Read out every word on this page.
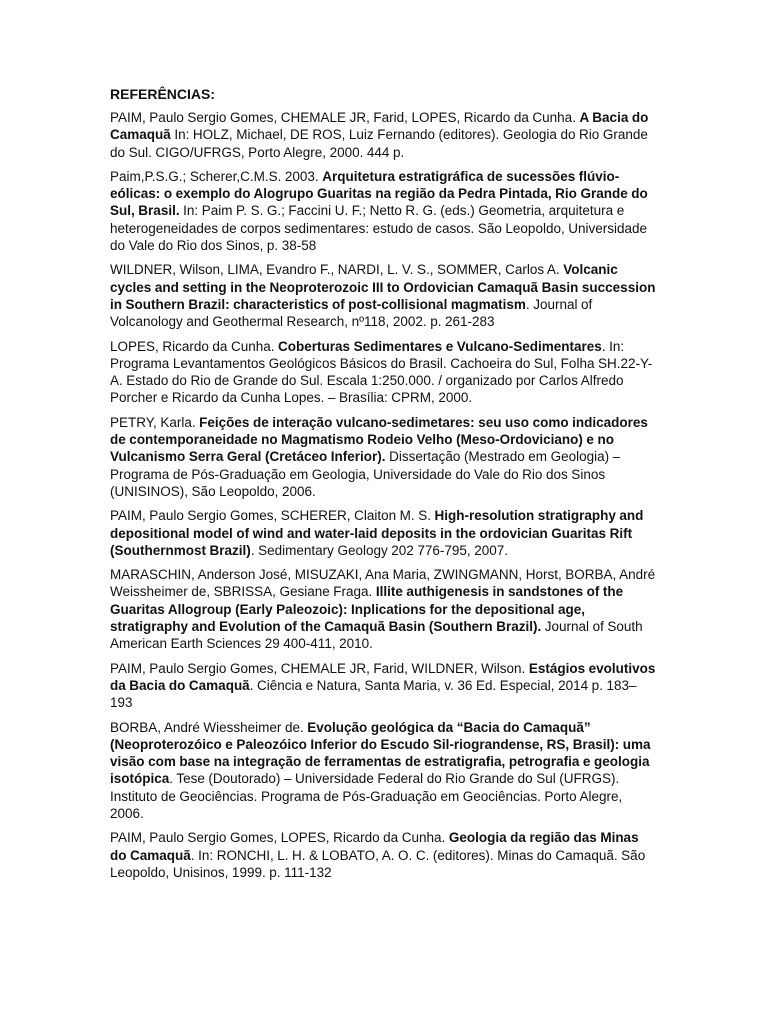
REFERÊNCIAS:
PAIM, Paulo Sergio Gomes, CHEMALE JR, Farid, LOPES, Ricardo da Cunha. A Bacia do Camaquã In: HOLZ, Michael, DE ROS, Luiz Fernando (editores). Geologia do Rio Grande do Sul. CIGO/UFRGS, Porto Alegre, 2000. 444 p.
Paim,P.S.G.; Scherer,C.M.S. 2003. Arquitetura estratigráfica de sucessões flúvio-eólicas: o exemplo do Alogrupo Guaritas na região da Pedra Pintada, Rio Grande do Sul, Brasil. In: Paim P. S. G.; Faccini U. F.; Netto R. G. (eds.) Geometria, arquitetura e heterogeneidades de corpos sedimentares: estudo de casos. São Leopoldo, Universidade do Vale do Rio dos Sinos, p. 38-58
WILDNER, Wilson, LIMA, Evandro F., NARDI, L. V. S., SOMMER, Carlos A. Volcanic cycles and setting in the Neoproterozoic III to Ordovician Camaquã Basin succession in Southern Brazil: characteristics of post-collisional magmatism. Journal of Volcanology and Geothermal Research, nº118, 2002. p. 261-283
LOPES, Ricardo da Cunha. Coberturas Sedimentares e Vulcano-Sedimentares. In: Programa Levantamentos Geológicos Básicos do Brasil. Cachoeira do Sul, Folha SH.22-Y-A. Estado do Rio de Grande do Sul. Escala 1:250.000. / organizado por Carlos Alfredo Porcher e Ricardo da Cunha Lopes. – Brasília: CPRM, 2000.
PETRY, Karla. Feições de interação vulcano-sedimetares: seu uso como indicadores de contemporaneidade no Magmatismo Rodeio Velho (Meso-Ordoviciano) e no Vulcanismo Serra Geral (Cretáceo Inferior). Dissertação (Mestrado em Geologia) – Programa de Pós-Graduação em Geologia, Universidade do Vale do Rio dos Sinos (UNISINOS), São Leopoldo, 2006.
PAIM, Paulo Sergio Gomes, SCHERER, Claiton M. S. High-resolution stratigraphy and depositional model of wind and water-laid deposits in the ordovician Guaritas Rift (Southernmost Brazil). Sedimentary Geology 202 776-795, 2007.
MARASCHIN, Anderson José, MISUZAKI, Ana Maria, ZWINGMANN, Horst, BORBA, André Weissheimer de, SBRISSA, Gesiane Fraga. Illite authigenesis in sandstones of the Guaritas Allogroup (Early Paleozoic): Inplications for the depositional age, stratigraphy and Evolution of the Camaquã Basin (Southern Brazil). Journal of South American Earth Sciences 29 400-411, 2010.
PAIM, Paulo Sergio Gomes, CHEMALE JR, Farid, WILDNER, Wilson. Estágios evolutivos da Bacia do Camaquã. Ciência e Natura, Santa Maria, v. 36 Ed. Especial, 2014 p. 183–193
BORBA, André Wiessheimer de. Evolução geológica da “Bacia do Camaquã” (Neoproterozóico e Paleozóico Inferior do Escudo Sil-riograndense, RS, Brasil): uma visão com base na integração de ferramentas de estratigrafia, petrografia e geologia isotópica. Tese (Doutorado) – Universidade Federal do Rio Grande do Sul (UFRGS). Instituto de Geociências. Programa de Pós-Graduação em Geociências. Porto Alegre, 2006.
PAIM, Paulo Sergio Gomes, LOPES, Ricardo da Cunha. Geologia da região das Minas do Camaquã. In: RONCHI, L. H. & LOBATO, A. O. C. (editores). Minas do Camaquã. São Leopoldo, Unisinos, 1999. p. 111-132
